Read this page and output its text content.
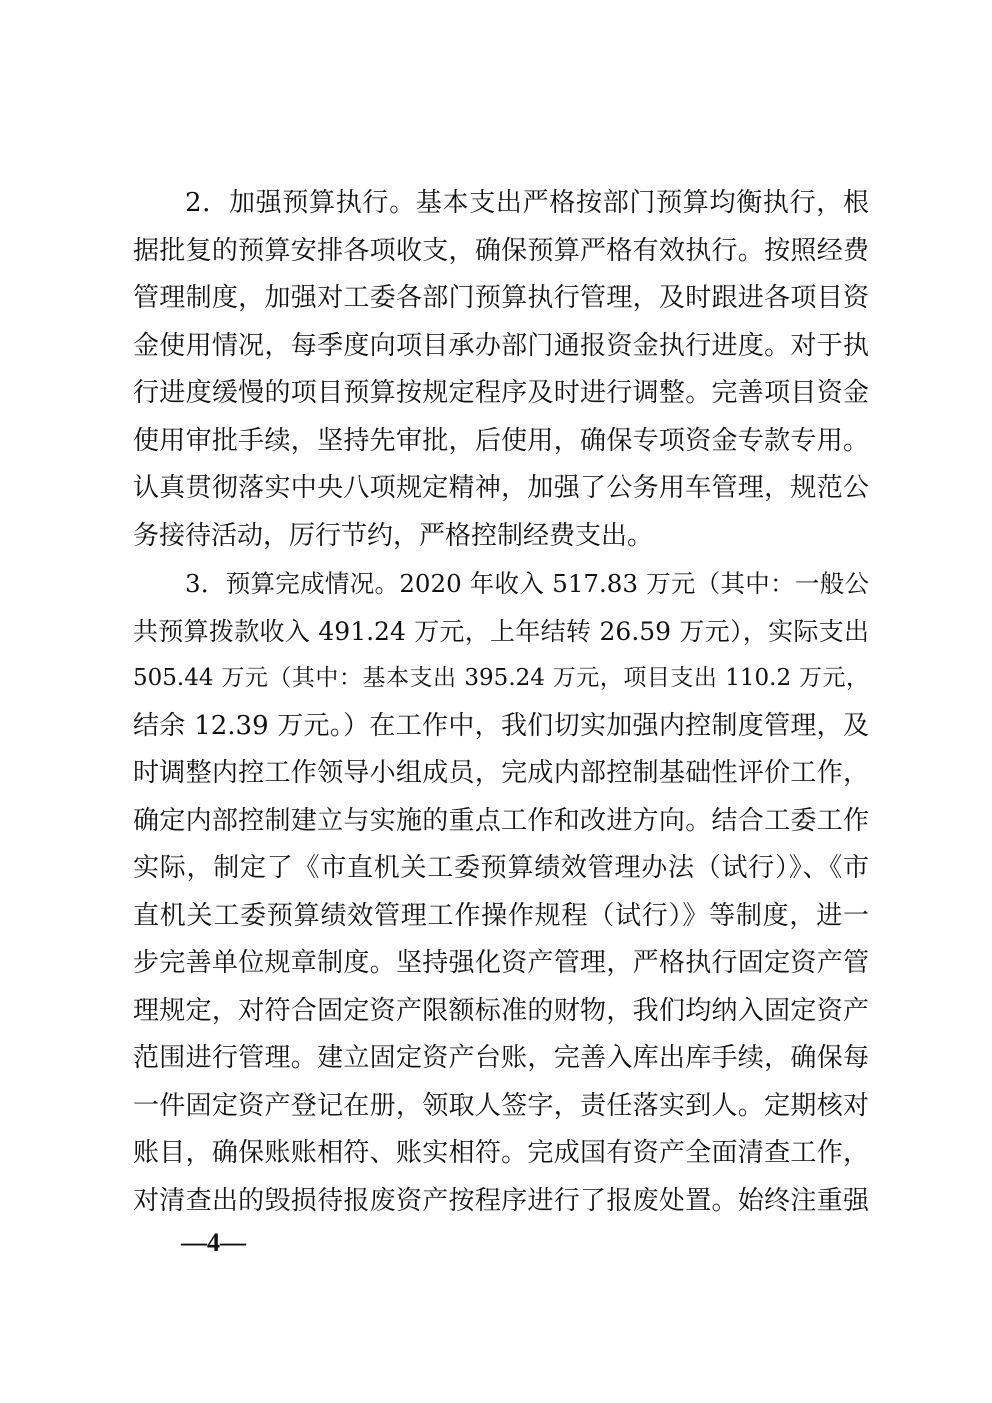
2．加强预算执行。基本支出严格按部门预算均衡执行，根
据批复的预算安排各项收支，确保预算严格有效执行。按照经费
管理制度，加强对工委各部门预算执行管理，及时跟进各项目资
金使用情况，每季度向项目承办部门通报资金执行进度。对于执
行进度缓慢的项目预算按规定程序及时进行调整。完善项目资金
使用审批手续，坚持先审批，后使用，确保专项资金专款专用。
认真贯彻落实中央八项规定精神，加强了公务用车管理，规范公
务接待活动，厉行节约，严格控制经费支出。
3．预算完成情况。2020 年收入 517.83 万元（其中：一般公
共预算拨款收入 491.24 万元，上年结转 26.59 万元），实际支出
505.44 万元（其中：基本支出 395.24 万元，项目支出 110.2 万元，
结余 12.39 万元。）在工作中，我们切实加强内控制度管理，及
时调整内控工作领导小组成员，完成内部控制基础性评价工作，
确定内部控制建立与实施的重点工作和改进方向。结合工委工作
实际，制定了《市直机关工委预算绩效管理办法（试行）》、《市
直机关工委预算绩效管理工作操作规程（试行）》等制度，进一
步完善单位规章制度。坚持强化资产管理，严格执行固定资产管
理规定，对符合固定资产限额标准的财物，我们均纳入固定资产
范围进行管理。建立固定资产台账，完善入库出库手续，确保每
一件固定资产登记在册，领取人签字，责任落实到人。定期核对
账目，确保账账相符、账实相符。完成国有资产全面清查工作，
对清查出的毁损待报废资产按程序进行了报废处置。始终注重强
—4—
